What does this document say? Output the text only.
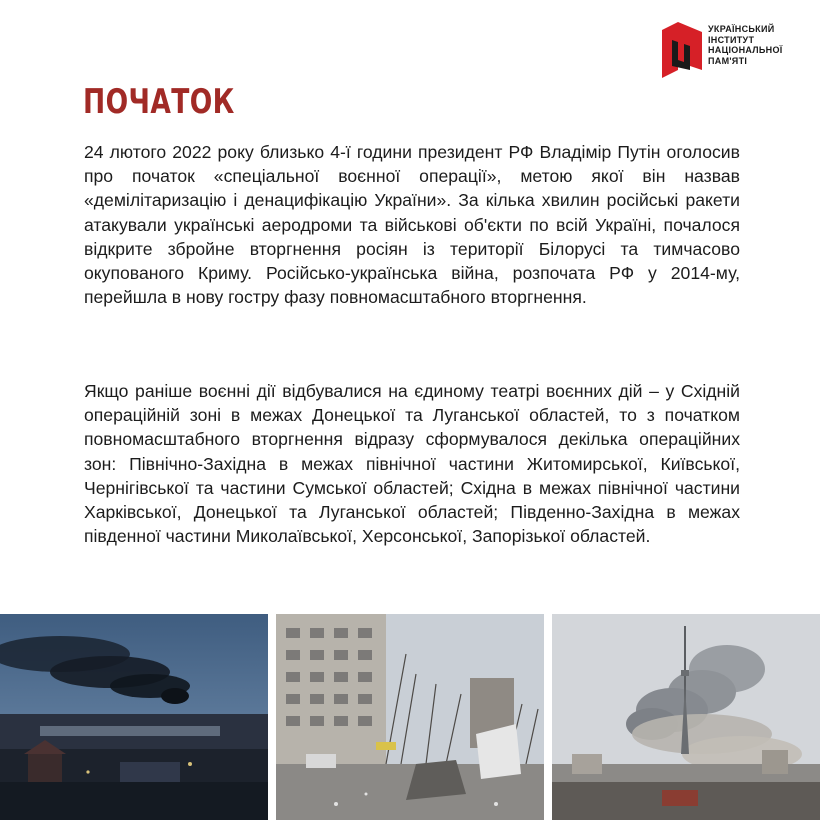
УКРАЇНСЬКИЙ
ІНСТИТУТ
НАЦІОНАЛЬНОЇ
ПАМ'ЯТІ
ПОЧАТОК

24 лютого 2022 року близько 4-ї години президент РФ Владімір Путін оголосив про початок «спеціальної воєнної операції», метою якої він назвав «демілітаризацію і денацифікацію України». За кілька хвилин російські ракети атакували українські аеродроми та військові об'єкти по всій Україні, почалося відкрите збройне вторгнення росіян із території Білорусі та тимчасово окупованого Криму. Російсько-українська війна, розпочата РФ у 2014-му, перейшла в нову гостру фазу повномасштабного вторгнення.

Якщо раніше воєнні дії відбувалися на єдиному театрі воєнних дій – у Східній операційній зоні в межах Донецької та Луганської областей, то з початком повномасштабного вторгнення відразу сформувалося декілька операційних зон: Північно-Західна в межах північної частини Житомирської, Київської, Чернігівської та частини Сумської областей; Східна в межах північної частини Харківської, Донецької та Луганської областей; Південно-Західна в межах південної частини Миколаївської, Херсонської, Запорізької областей.
